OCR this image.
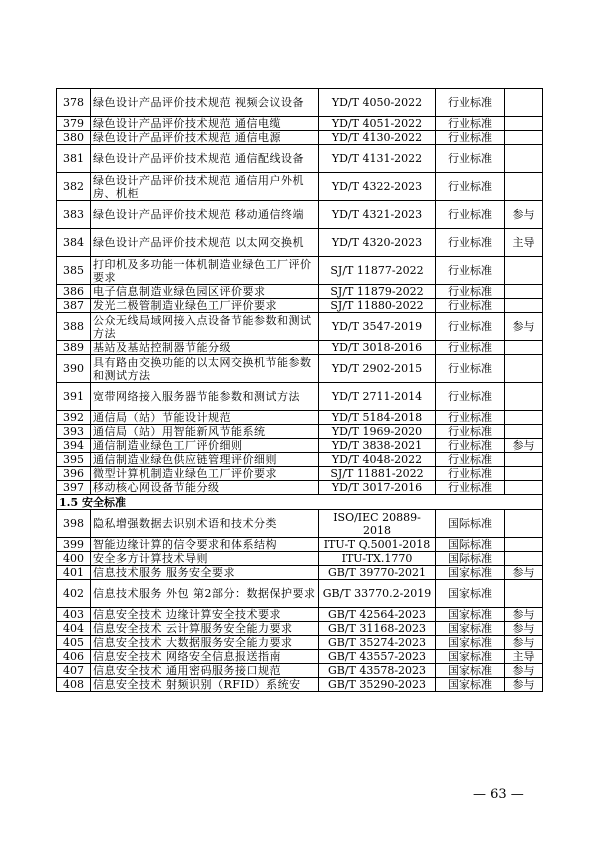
378	绿色设计产品评价技术规范 视频会议设备	YD/T 4050-2022	行业标准	
379	绿色设计产品评价技术规范 通信电缆	YD/T 4051-2022	行业标准	
380	绿色设计产品评价技术规范 通信电源	YD/T 4130-2022	行业标准	
381	绿色设计产品评价技术规范 通信配线设备	YD/T 4131-2022	行业标准	
382	绿色设计产品评价技术规范 通信用户外机房、机柜	YD/T 4322-2023	行业标准	
383	绿色设计产品评价技术规范 移动通信终端	YD/T 4321-2023	行业标准	参与
384	绿色设计产品评价技术规范 以太网交换机	YD/T 4320-2023	行业标准	主导
385	打印机及多功能一体机制造业绿色工厂评价要求	SJ/T 11877-2022	行业标准	
386	电子信息制造业绿色园区评价要求	SJ/T 11879-2022	行业标准	
387	发光二极管制造业绿色工厂评价要求	SJ/T 11880-2022	行业标准	
388	公众无线局域网接入点设备节能参数和测试方法	YD/T 3547-2019	行业标准	参与
389	基站及基站控制器节能分级	YD/T 3018-2016	行业标准	
390	具有路由交换功能的以太网交换机节能参数和测试方法	YD/T 2902-2015	行业标准	
391	宽带网络接入服务器节能参数和测试方法	YD/T 2711-2014	行业标准	
392	通信局（站）节能设计规范	YD/T 5184-2018	行业标准	
393	通信局（站）用智能新风节能系统	YD/T 1969-2020	行业标准	
394	通信制造业绿色工厂评价细则	YD/T 3838-2021	行业标准	参与
395	通信制造业绿色供应链管理评价细则	YD/T 4048-2022	行业标准	
396	微型计算机制造业绿色工厂评价要求	SJ/T 11881-2022	行业标准	
397	移动核心网设备节能分级	YD/T 3017-2016	行业标准	
1.5 安全标准				
398	隐私增强数据去识别术语和技术分类	ISO/IEC 20889-2018	国际标准	
399	智能边缘计算的信令要求和体系结构	ITU-T Q.5001-2018	国际标准	
400	安全多方计算技术导则	ITU-TX.1770	国际标准	
401	信息技术服务 服务安全要求	GB/T 39770-2021	国家标准	参与
402	信息技术服务 外包 第2部分：数据保护要求	GB/T 33770.2-2019	国家标准	
403	信息安全技术 边缘计算安全技术要求	GB/T 42564-2023	国家标准	参与
404	信息安全技术 云计算服务安全能力要求	GB/T 31168-2023	国家标准	参与
405	信息安全技术 大数据服务安全能力要求	GB/T 35274-2023	国家标准	参与
406	信息安全技术 网络安全信息报送指南	GB/T 43557-2023	国家标准	主导
407	信息安全技术 通用密码服务接口规范	GB/T 43578-2023	国家标准	参与
408	信息安全技术 射频识别（RFID）系统安	GB/T 35290-2023	国家标准	参与
— 63 —
